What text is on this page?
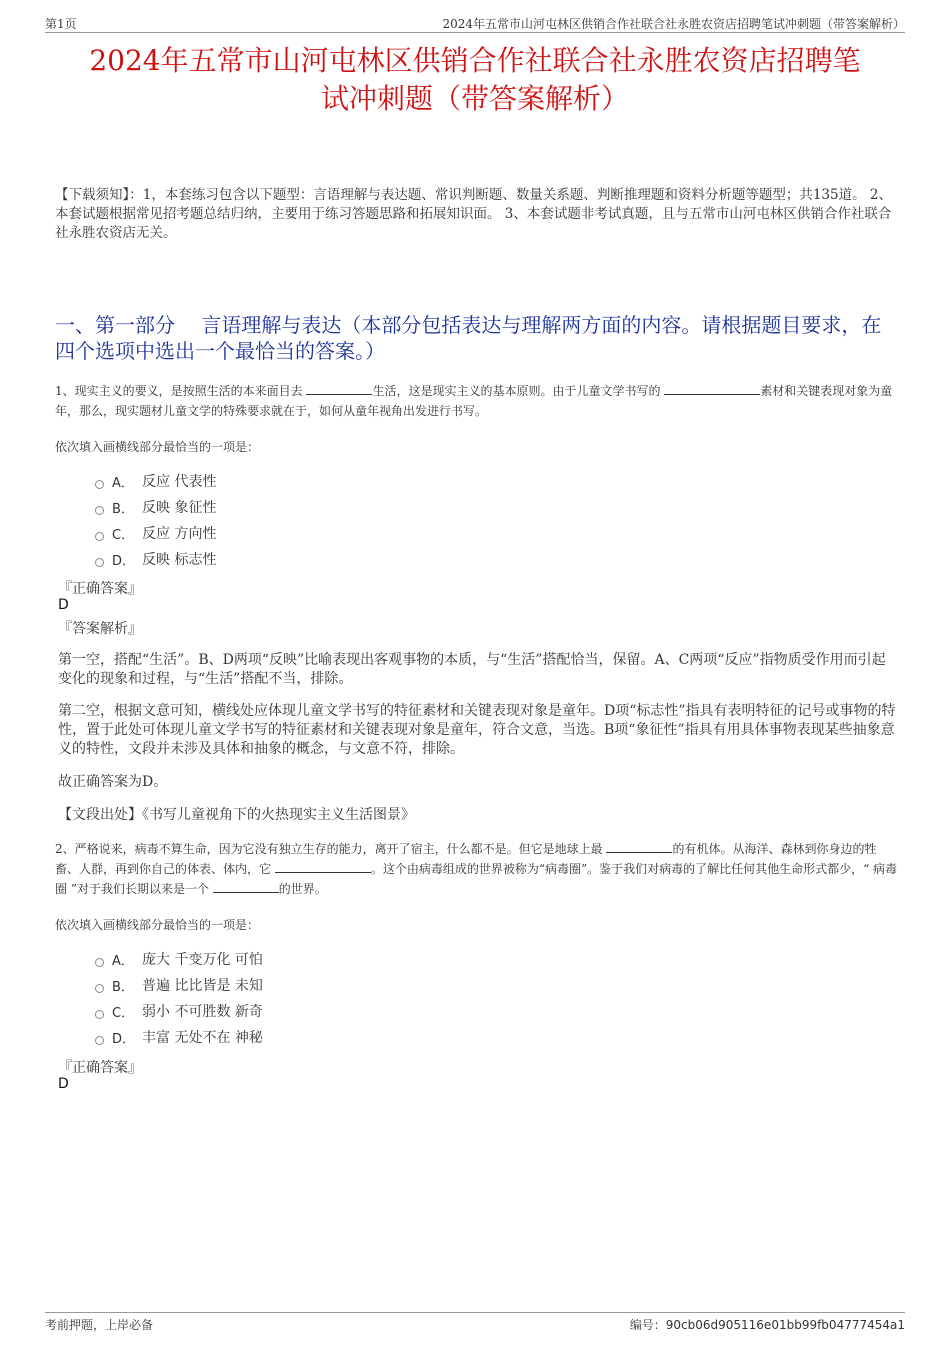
第1页	2024年五常市山河屯林区供销合作社联合社永胜农资店招聘笔试冲刺题（带答案解析）
2024年五常市山河屯林区供销合作社联合社永胜农资店招聘笔
试冲刺题（带答案解析）
【下载须知】：1，本套练习包含以下题型：言语理解与表达题、常识判断题、数量关系题、判断推理题和资料分析题等题型；共135道。 2、本套试题根据常见招考题总结归纳，主要用于练习答题思路和拓展知识面。 3、本套试题非考试真题，且与五常市山河屯林区供销合作社联合社永胜农资店无关。
一、第一部分　 言语理解与表达（本部分包括表达与理解两方面的内容。请根据题目要求，在四个选项中选出一个最恰当的答案。）
1、现实主义的要义，是按照生活的本来面目去	生活，这是现实主义的基本原则。由于儿童文学书写的	素材和关键表现对象为童年，那么，现实题材儿童文学的特殊要求就在于，如何从童年视角出发进行书写。
依次填入画横线部分最恰当的一项是：
A． 反应 代表性
B． 反映 象征性
C． 反应 方向性
D． 反映 标志性
『正确答案』
D
『答案解析』
第一空，搭配“生活”。B、D两项“反映”比喻表现出客观事物的本质，与“生活”搭配恰当，保留。A、C两项“反应”指物质受作用而引起变化的现象和过程，与“生活”搭配不当，排除。
第二空，根据文意可知，横线处应体现儿童文学书写的特征素材和关键表现对象是童年。D项“标志性”指具有表明特征的记号或事物的特性，置于此处可体现儿童文学书写的特征素材和关键表现对象是童年，符合文意，当选。B项“象征性”指具有用具体事物表现某些抽象意义的特性，文段并未涉及具体和抽象的概念，与文意不符，排除。
故正确答案为D。
【文段出处】《书写儿童视角下的火热现实主义生活图景》
2、严格说来，病毒不算生命，因为它没有独立生存的能力，离开了宿主，什么都不是。但它是地球上最	的有机体。从海洋、森林到你身边的牲畜、人群，再到你自己的体表、体内，它	。这个由病毒组成的世界被称为“病毒圈”。鉴于我们对病毒的了解比任何其他生命形式都少，“ 病毒圈 ”对于我们长期以来是一个	的世界。
依次填入画横线部分最恰当的一项是：
A． 庞大 千变万化 可怕
B． 普遍 比比皆是 未知
C． 弱小 不可胜数 新奇
D． 丰富 无处不在 神秘
『正确答案』
D
考前押题，上岸必备	编号：90cb06d905116e01bb99fb04777454a1
